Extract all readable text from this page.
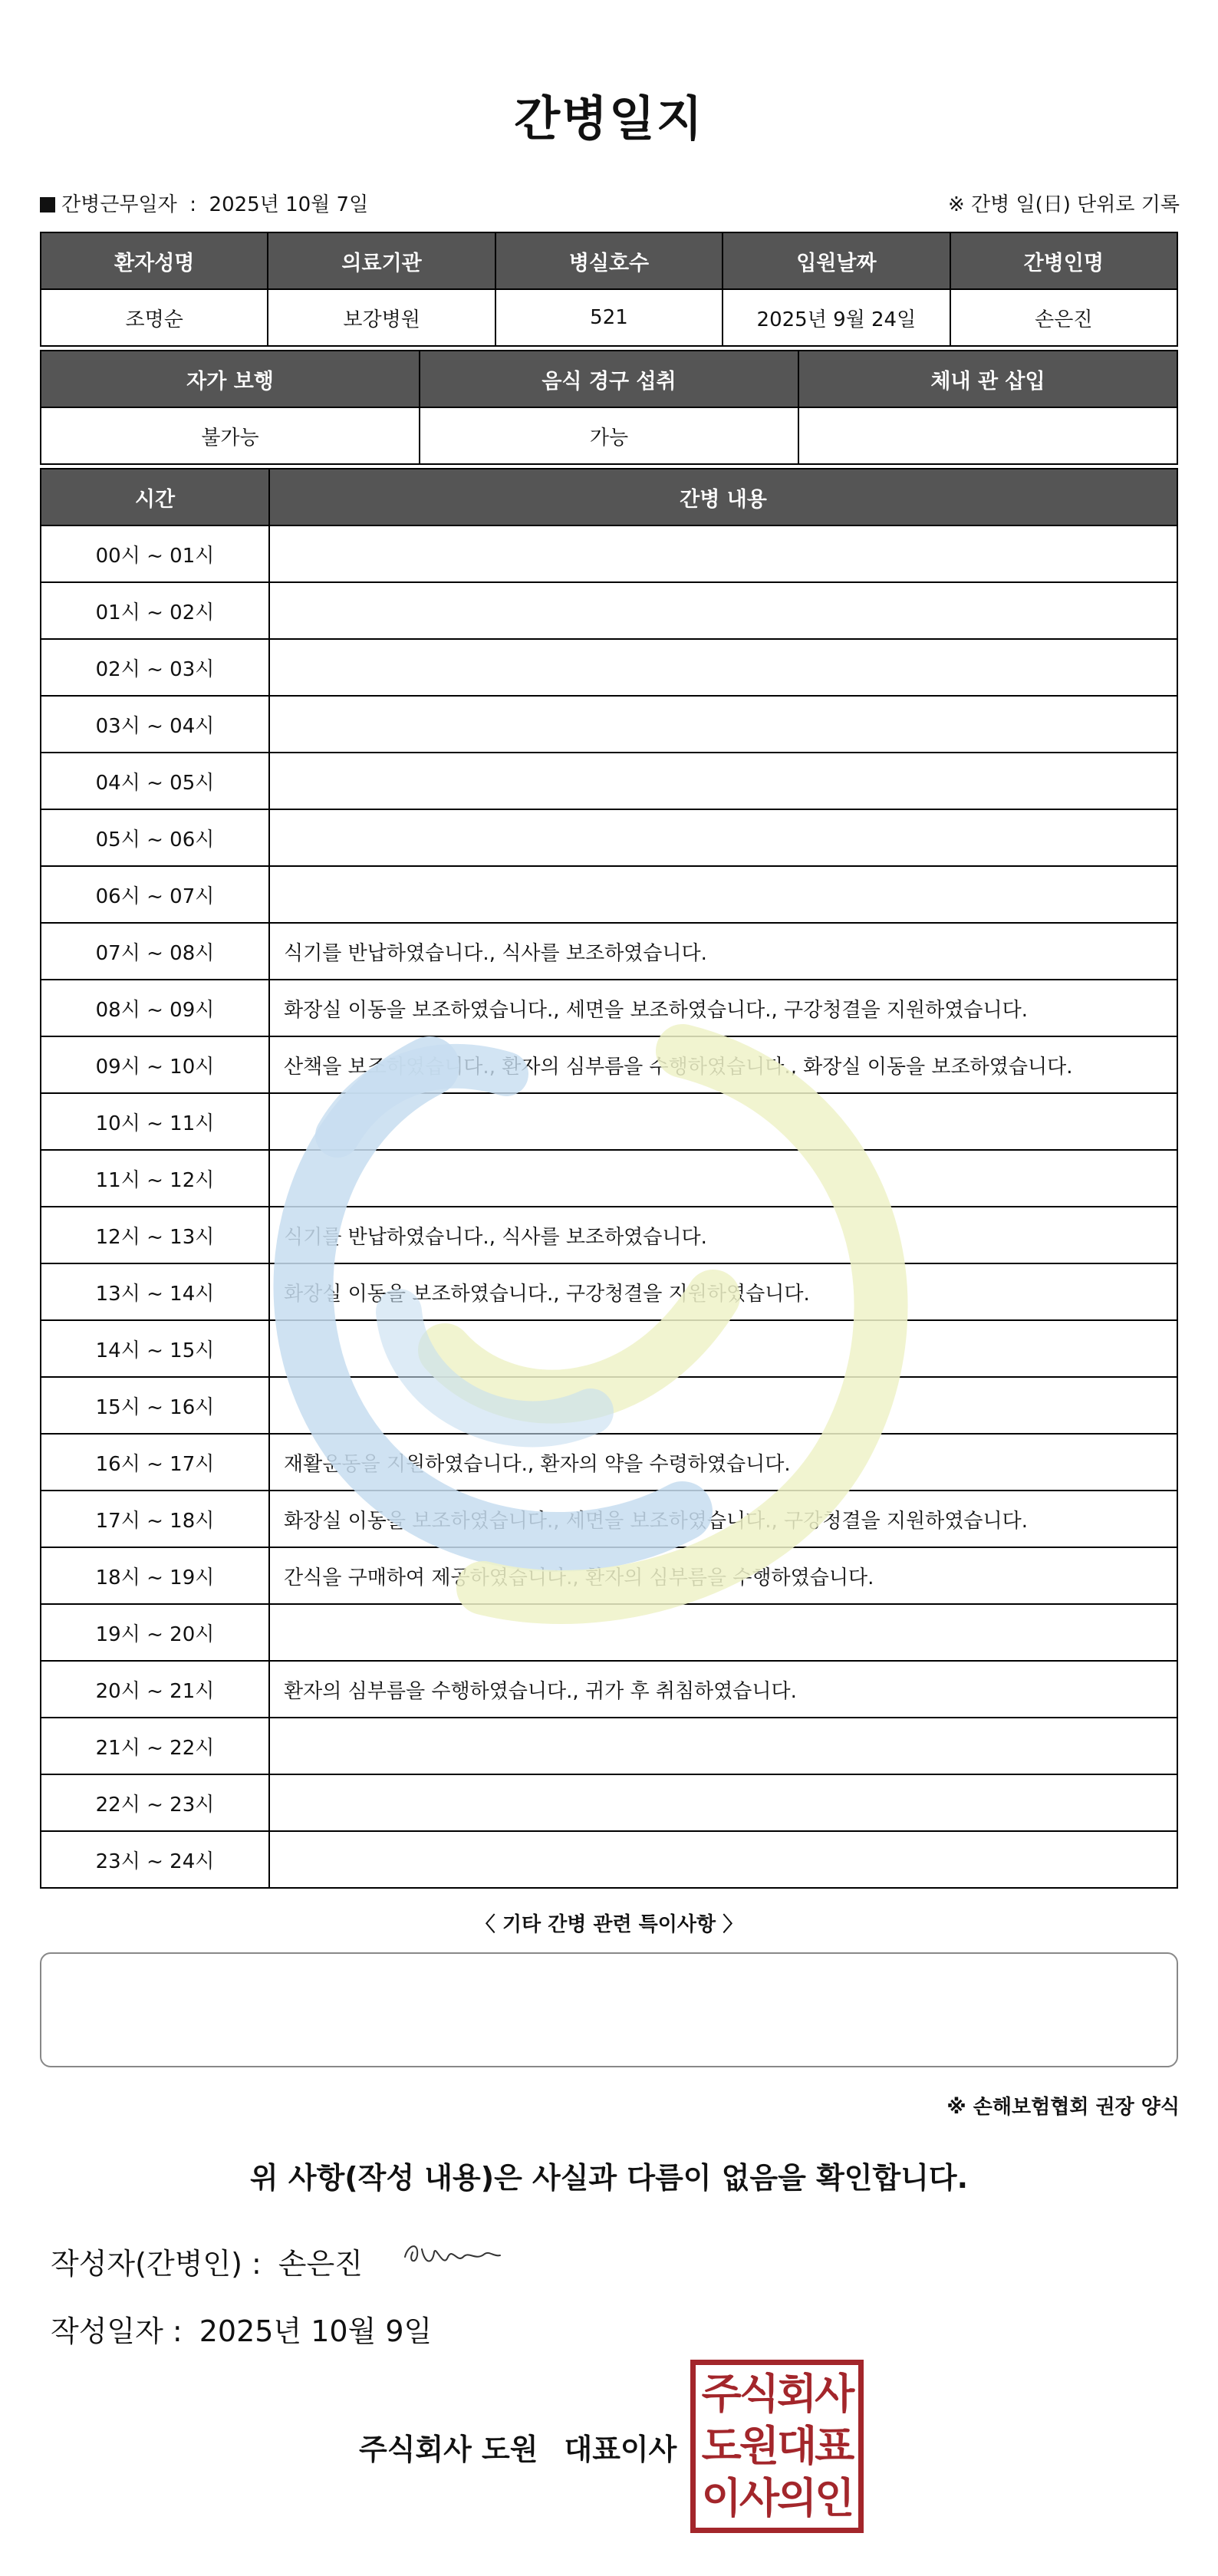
간병일지
간병근무일자  :  2025년 10월 7일	※ 간병 일(日) 단위로 기록
환자성명	의료기관	병실호수	입원날짜	간병인명
조명순	보강병원	521	2025년 9월 24일	손은진
자가 보행	음식 경구 섭취	체내 관 삽입
불가능	가능	
시간	간병 내용
00시 ~ 01시	
01시 ~ 02시	
02시 ~ 03시	
03시 ~ 04시	
04시 ~ 05시	
05시 ~ 06시	
06시 ~ 07시	
07시 ~ 08시	식기를 반납하였습니다., 식사를 보조하였습니다.
08시 ~ 09시	화장실 이동을 보조하였습니다., 세면을 보조하였습니다., 구강청결을 지원하였습니다.
09시 ~ 10시	산책을 보조하였습니다., 환자의 심부름을 수행하였습니다., 화장실 이동을 보조하였습니다.
10시 ~ 11시	
11시 ~ 12시	
12시 ~ 13시	식기를 반납하였습니다., 식사를 보조하였습니다.
13시 ~ 14시	화장실 이동을 보조하였습니다., 구강청결을 지원하였습니다.
14시 ~ 15시	
15시 ~ 16시	
16시 ~ 17시	재활운동을 지원하였습니다., 환자의 약을 수령하였습니다.
17시 ~ 18시	화장실 이동을 보조하였습니다., 세면을 보조하였습니다., 구강청결을 지원하였습니다.
18시 ~ 19시	간식을 구매하여 제공하였습니다., 환자의 심부름을 수행하였습니다.
19시 ~ 20시	
20시 ~ 21시	환자의 심부름을 수행하였습니다., 귀가 후 취침하였습니다.
21시 ~ 22시	
22시 ~ 23시	
23시 ~ 24시	
〈 기타 간병 관련 특이사항 〉
※ 손해보험협회 권장 양식
위 사항(작성 내용)은 사실과 다름이 없음을 확인합니다.
작성자(간병인) : 손은진
작성일자 : 2025년 10월 9일
주식회사 도원 대표이사
주식회사
도원대표
이사의인
